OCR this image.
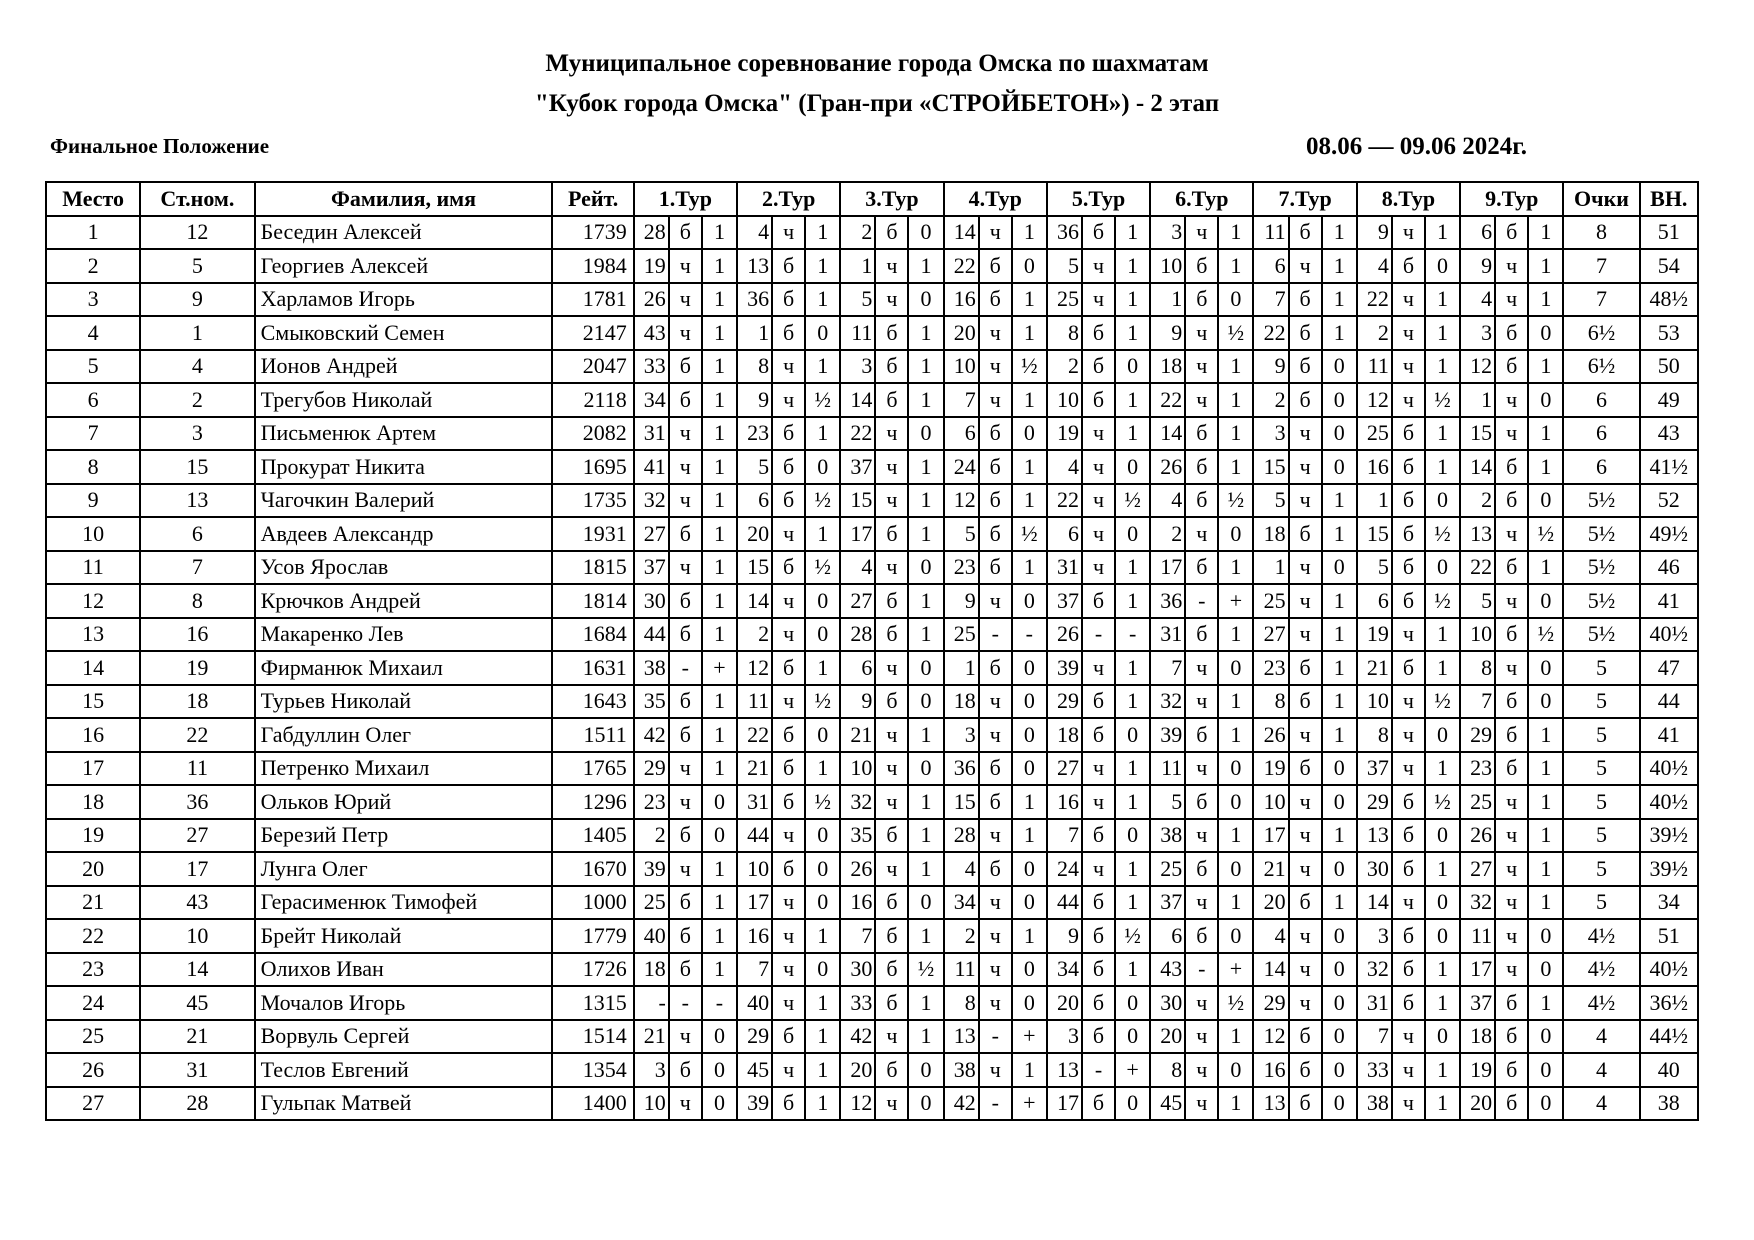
Муниципальное соревнование города Омска по шахматам
"Кубок города Омска" (Гран-при «СТРОЙБЕТОН») - 2 этап
Финальное Положение	08.06 — 09.06 2024г.
Место	Ст.ном.	Фамилия, имя	Рейт.	1.Тур			2.Тур			3.Тур			4.Тур			5.Тур			6.Тур			7.Тур			8.Тур			9.Тур			Очки	ВН.
1	12	Беседин Алексей	1739	28	б	1	4	ч	1	2	б	0	14	ч	1	36	б	1	3	ч	1	11	б	1	9	ч	1	6	б	1	8	51
2	5	Георгиев Алексей	1984	19	ч	1	13	б	1	1	ч	1	22	б	0	5	ч	1	10	б	1	6	ч	1	4	б	0	9	ч	1	7	54
3	9	Харламов Игорь	1781	26	ч	1	36	б	1	5	ч	0	16	б	1	25	ч	1	1	б	0	7	б	1	22	ч	1	4	ч	1	7	48½
4	1	Смыковский Семен	2147	43	ч	1	1	б	0	11	б	1	20	ч	1	8	б	1	9	ч	½	22	б	1	2	ч	1	3	б	0	6½	53
5	4	Ионов Андрей	2047	33	б	1	8	ч	1	3	б	1	10	ч	½	2	б	0	18	ч	1	9	б	0	11	ч	1	12	б	1	6½	50
6	2	Трегубов Николай	2118	34	б	1	9	ч	½	14	б	1	7	ч	1	10	б	1	22	ч	1	2	б	0	12	ч	½	1	ч	0	6	49
7	3	Письменюк Артем	2082	31	ч	1	23	б	1	22	ч	0	6	б	0	19	ч	1	14	б	1	3	ч	0	25	б	1	15	ч	1	6	43
8	15	Прокурат Никита	1695	41	ч	1	5	б	0	37	ч	1	24	б	1	4	ч	0	26	б	1	15	ч	0	16	б	1	14	б	1	6	41½
9	13	Чагочкин Валерий	1735	32	ч	1	6	б	½	15	ч	1	12	б	1	22	ч	½	4	б	½	5	ч	1	1	б	0	2	б	0	5½	52
10	6	Авдеев Александр	1931	27	б	1	20	ч	1	17	б	1	5	б	½	6	ч	0	2	ч	0	18	б	1	15	б	½	13	ч	½	5½	49½
11	7	Усов Ярослав	1815	37	ч	1	15	б	½	4	ч	0	23	б	1	31	ч	1	17	б	1	1	ч	0	5	б	0	22	б	1	5½	46
12	8	Крючков Андрей	1814	30	б	1	14	ч	0	27	б	1	9	ч	0	37	б	1	36	-	+	25	ч	1	6	б	½	5	ч	0	5½	41
13	16	Макаренко Лев	1684	44	б	1	2	ч	0	28	б	1	25	-	-	26	-	-	31	б	1	27	ч	1	19	ч	1	10	б	½	5½	40½
14	19	Фирманюк Михаил	1631	38	-	+	12	б	1	6	ч	0	1	б	0	39	ч	1	7	ч	0	23	б	1	21	б	1	8	ч	0	5	47
15	18	Турьев Николай	1643	35	б	1	11	ч	½	9	б	0	18	ч	0	29	б	1	32	ч	1	8	б	1	10	ч	½	7	б	0	5	44
16	22	Габдуллин Олег	1511	42	б	1	22	б	0	21	ч	1	3	ч	0	18	б	0	39	б	1	26	ч	1	8	ч	0	29	б	1	5	41
17	11	Петренко Михаил	1765	29	ч	1	21	б	1	10	ч	0	36	б	0	27	ч	1	11	ч	0	19	б	0	37	ч	1	23	б	1	5	40½
18	36	Ольков Юрий	1296	23	ч	0	31	б	½	32	ч	1	15	б	1	16	ч	1	5	б	0	10	ч	0	29	б	½	25	ч	1	5	40½
19	27	Березий Петр	1405	2	б	0	44	ч	0	35	б	1	28	ч	1	7	б	0	38	ч	1	17	ч	1	13	б	0	26	ч	1	5	39½
20	17	Лунга Олег	1670	39	ч	1	10	б	0	26	ч	1	4	б	0	24	ч	1	25	б	0	21	ч	0	30	б	1	27	ч	1	5	39½
21	43	Герасименюк Тимофей	1000	25	б	1	17	ч	0	16	б	0	34	ч	0	44	б	1	37	ч	1	20	б	1	14	ч	0	32	ч	1	5	34
22	10	Брейт Николай	1779	40	б	1	16	ч	1	7	б	1	2	ч	1	9	б	½	6	б	0	4	ч	0	3	б	0	11	ч	0	4½	51
23	14	Олихов Иван	1726	18	б	1	7	ч	0	30	б	½	11	ч	0	34	б	1	43	-	+	14	ч	0	32	б	1	17	ч	0	4½	40½
24	45	Мочалов Игорь	1315	-	-	-	40	ч	1	33	б	1	8	ч	0	20	б	0	30	ч	½	29	ч	0	31	б	1	37	б	1	4½	36½
25	21	Ворвуль Сергей	1514	21	ч	0	29	б	1	42	ч	1	13	-	+	3	б	0	20	ч	1	12	б	0	7	ч	0	18	б	0	4	44½
26	31	Теслов Евгений	1354	3	б	0	45	ч	1	20	б	0	38	ч	1	13	-	+	8	ч	0	16	б	0	33	ч	1	19	б	0	4	40
27	28	Гульпак Матвей	1400	10	ч	0	39	б	1	12	ч	0	42	-	+	17	б	0	45	ч	1	13	б	0	38	ч	1	20	б	0	4	38
